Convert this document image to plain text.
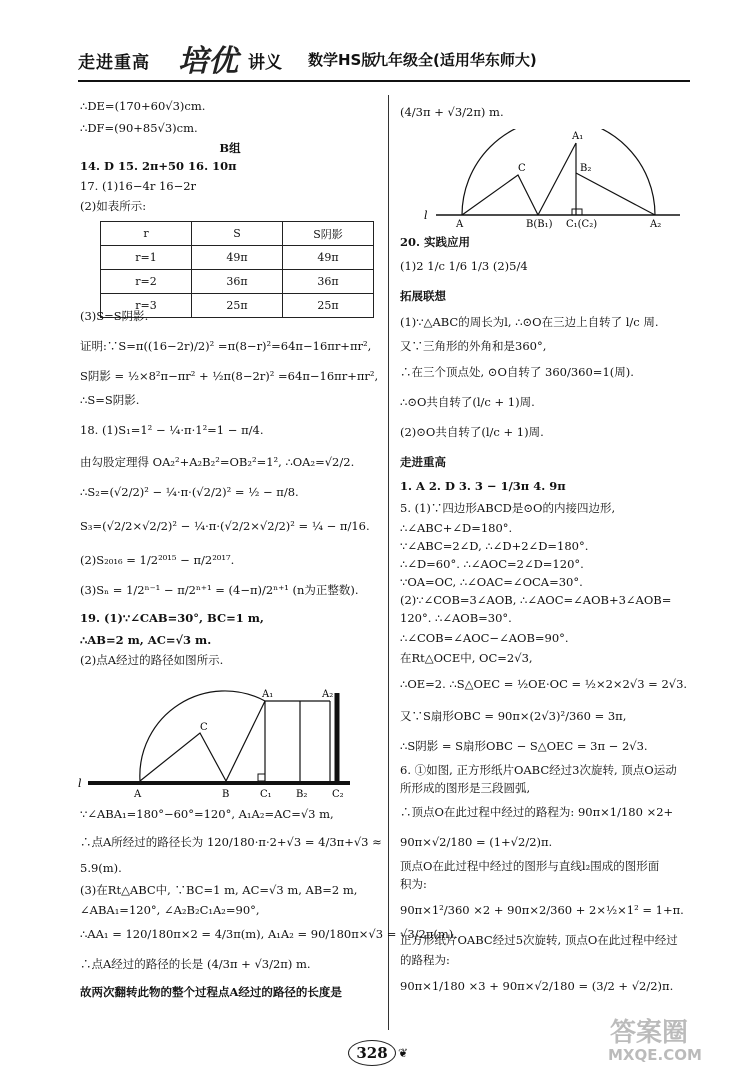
走进重高 培优 讲义 数学HS版
九年级全(适用华东师大)
∴DE=(170+60√3)cm.
∴DF=(90+85√3)cm.
B组
14. D 15. 2π+50 16. 10π
17. (1)16−4r 16−2r
(2)如表所示:
r	S	S阴影
r=1	49π	49π
r=2	36π	36π
r=3	25π	25π
(3)S=S阴影.
证明:∵S=π((16−2r)/2)² =π(8−r)²=64π−16πr+πr²,
S阴影 = ½×8²π−πr² + ½π(8−2r)² =64π−16πr+πr²,
∴S=S阴影.
18. (1)S₁=1² − ¼·π·1²=1 − π/4.
由勾股定理得 OA₂²+A₂B₂²=OB₂²=1², ∴OA₂=√2/2.
∴S₂=(√2/2)² − ¼·π·(√2/2)² = ½ − π/8.
S₃=(√2/2×√2/2)² − ¼·π·(√2/2×√2/2)² = ¼ − π/16.
(2)S₂₀₁₆ = 1/2²⁰¹⁵ − π/2²⁰¹⁷.
(3)Sₙ = 1/2ⁿ⁻¹ − π/2ⁿ⁺¹ = (4−π)/2ⁿ⁺¹ (n为正整数).
19. (1)∵∠CAB=30°, BC=1 m,
∴AB=2 m, AC=√3 m.
(2)点A经过的路径如图所示.
l
A	B
C
C₁ B₂ C₂
A₁	A₂
∵∠ABA₁=180°−60°=120°, A₁A₂=AC=√3 m,
∴点A所经过的路径长为 120/180·π·2+√3 = 4/3π+√3 ≈
5.9(m).
(3)在Rt△ABC中, ∵BC=1 m, AC=√3 m, AB=2 m,
∠ABA₁=120°, ∠A₂B₂C₁A₂=90°,
∴AA₁ = 120/180π×2 = 4/3π(m), A₁A₂ = 90/180π×√3 = √3/2π(m),
∴点A经过的路径的长是 (4/3π + √3/2π) m.
故两次翻转此物的整个过程点A经过的路径的长度是
(4/3π + √3/2π) m.
l
A	B(B₁)
C
C₁(C₂)
A₁
B₂
A₂
20. 实践应用
(1)2 1/c 1/6 1/3 (2)5/4
拓展联想
(1)∵△ABC的周长为l, ∴⊙O在三边上自转了 l/c 周.
又∵三角形的外角和是360°,
∴在三个顶点处, ⊙O自转了 360/360=1(周).
∴⊙O共自转了(l/c + 1)周.
(2)⊙O共自转了(l/c + 1)周.
走进重高
1. A 2. D 3. 3 − 1/3π 4. 9π
5. (1)∵四边形ABCD是⊙O的内接四边形,
∴∠ABC+∠D=180°.
∵∠ABC=2∠D, ∴∠D+2∠D=180°.
∴∠D=60°. ∴∠AOC=2∠D=120°.
∵OA=OC, ∴∠OAC=∠OCA=30°.
(2)∵∠COB=3∠AOB, ∴∠AOC=∠AOB+3∠AOB=
120°. ∴∠AOB=30°.
∴∠COB=∠AOC−∠AOB=90°.
在Rt△OCE中, OC=2√3,
∴OE=2. ∴S△OEC = ½OE·OC = ½×2×2√3 = 2√3.
又∵S扇形OBC = 90π×(2√3)²/360 = 3π,
∴S阴影 = S扇形OBC − S△OEC = 3π − 2√3.
6. ①如图, 正方形纸片OABC经过3次旋转, 顶点O运动
所形成的图形是三段圆弧,
∴顶点O在此过程中经过的路程为: 90π×1/180 ×2+
90π×√2/180 = (1+√2/2)π.
顶点O在此过程中经过的图形与直线l₂围成的图形面
积为:
90π×1²/360 ×2 + 90π×2/360 + 2×½×1² = 1+π.
正方形纸片OABC经过5次旋转, 顶点O在此过程中经过
的路程为:
90π×1/180 ×3 + 90π×√2/180 = (3/2 + √2/2)π.
328 ❦
答案圈
MXQE.COM
